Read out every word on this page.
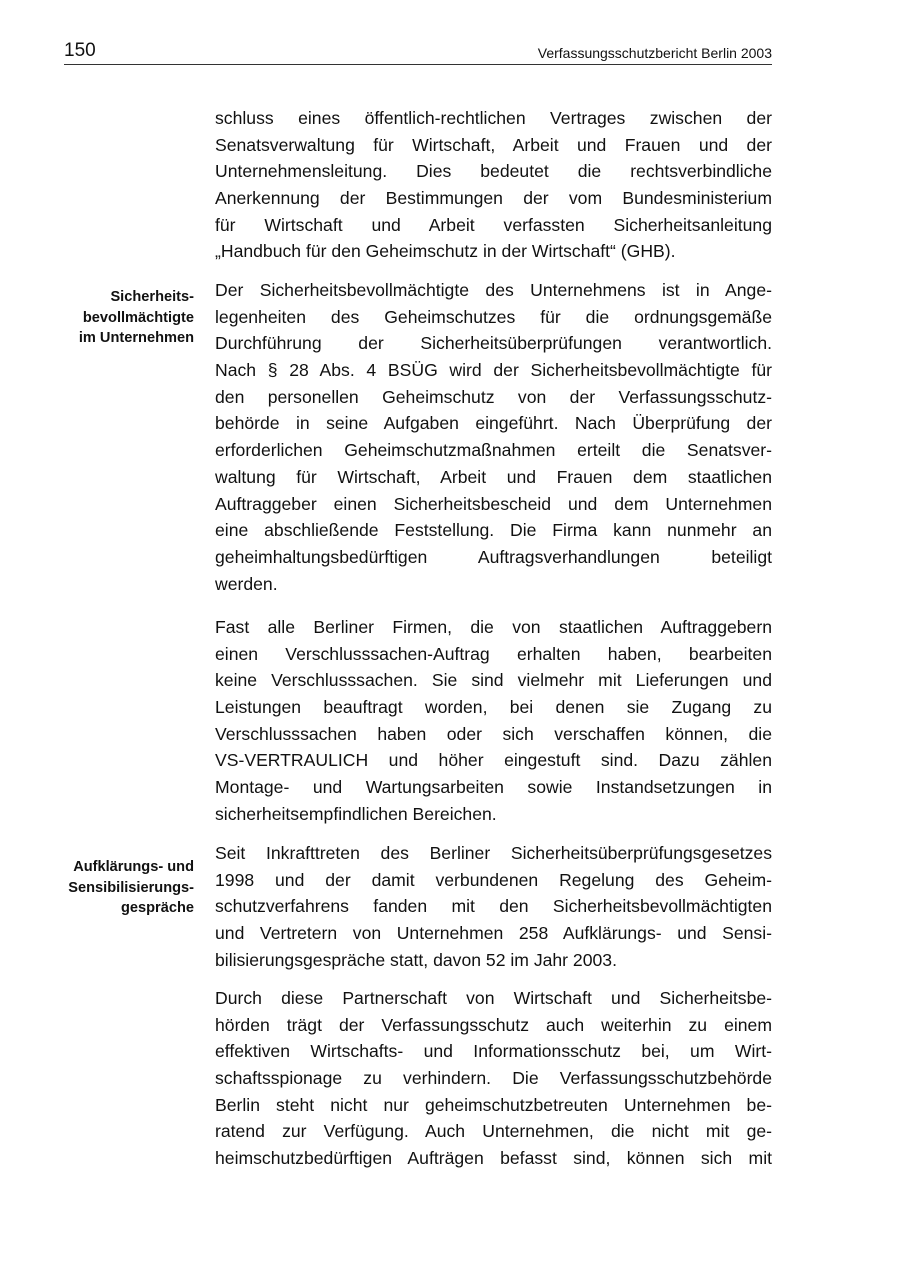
150	Verfassungsschutzbericht Berlin 2003
Sicherheits-
bevollmächtigte
im Unternehmen
Aufklärungs- und
Sensibilisierungs-
gespräche
schluss eines öffentlich-rechtlichen Vertrages zwischen der
Senatsverwaltung für Wirtschaft, Arbeit und Frauen und der
Unternehmensleitung. Dies bedeutet die rechtsverbindliche
Anerkennung der Bestimmungen der vom Bundesministerium
für Wirtschaft und Arbeit verfassten Sicherheitsanleitung
„Handbuch für den Geheimschutz in der Wirtschaft“ (GHB).
Der Sicherheitsbevollmächtigte des Unternehmens ist in Ange-
legenheiten des Geheimschutzes für die ordnungsgemäße
Durchführung der Sicherheitsüberprüfungen verantwortlich.
Nach § 28 Abs. 4 BSÜG wird der Sicherheitsbevollmächtigte für
den personellen Geheimschutz von der Verfassungsschutz-
behörde in seine Aufgaben eingeführt. Nach Überprüfung der
erforderlichen Geheimschutzmaßnahmen erteilt die Senatsver-
waltung für Wirtschaft, Arbeit und Frauen dem staatlichen
Auftraggeber einen Sicherheitsbescheid und dem Unternehmen
eine abschließende Feststellung. Die Firma kann nunmehr an
geheimhaltungsbedürftigen Auftragsverhandlungen beteiligt
werden.
Fast alle Berliner Firmen, die von staatlichen Auftraggebern
einen Verschlusssachen-Auftrag erhalten haben, bearbeiten
keine Verschlusssachen. Sie sind vielmehr mit Lieferungen und
Leistungen beauftragt worden, bei denen sie Zugang zu
Verschlusssachen haben oder sich verschaffen können, die
VS-VERTRAULICH und höher eingestuft sind. Dazu zählen
Montage- und Wartungsarbeiten sowie Instandsetzungen in
sicherheitsempfindlichen Bereichen.
Seit Inkrafttreten des Berliner Sicherheitsüberprüfungsgesetzes
1998 und der damit verbundenen Regelung des Geheim-
schutzverfahrens fanden mit den Sicherheitsbevollmächtigten
und Vertretern von Unternehmen 258 Aufklärungs- und Sensi-
bilisierungsgespräche statt, davon 52 im Jahr 2003.
Durch diese Partnerschaft von Wirtschaft und Sicherheitsbe-
hörden trägt der Verfassungsschutz auch weiterhin zu einem
effektiven Wirtschafts- und Informationsschutz bei, um Wirt-
schaftsspionage zu verhindern. Die Verfassungsschutzbehörde
Berlin steht nicht nur geheimschutzbetreuten Unternehmen be-
ratend zur Verfügung. Auch Unternehmen, die nicht mit ge-
heimschutzbedürftigen Aufträgen befasst sind, können sich mit
